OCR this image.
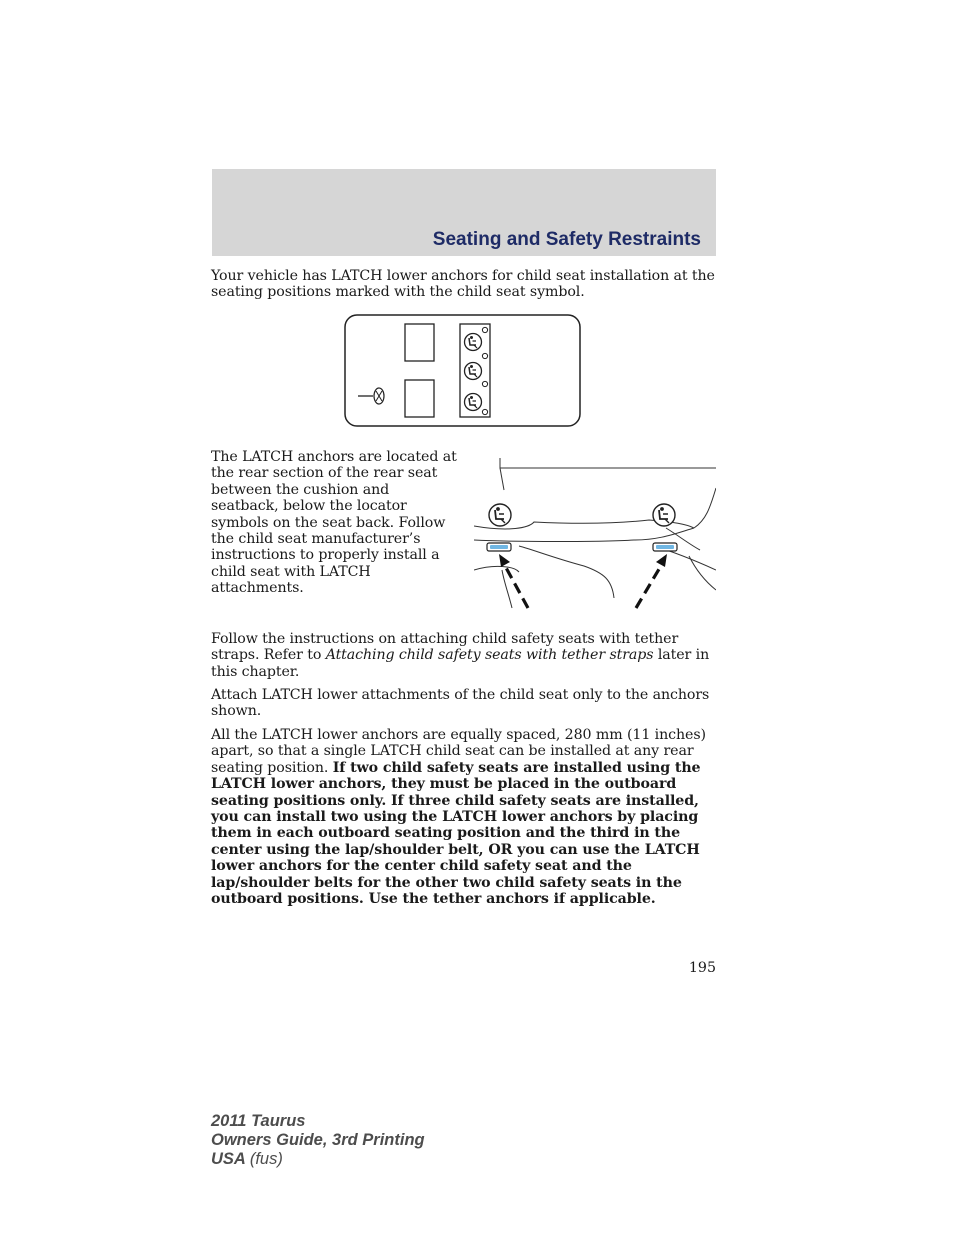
Seating and Safety Restraints

Your vehicle has LATCH lower anchors for child seat installation at the seating positions marked with the child seat symbol.

The LATCH anchors are located at the rear section of the rear seat between the cushion and seatback, below the locator symbols on the seat back. Follow the child seat manufacturer’s instructions to properly install a child seat with LATCH attachments.

Follow the instructions on attaching child safety seats with tether straps. Refer to Attaching child safety seats with tether straps later in this chapter.

Attach LATCH lower attachments of the child seat only to the anchors shown.

All the LATCH lower anchors are equally spaced, 280 mm (11 inches) apart, so that a single LATCH child seat can be installed at any rear seating position. If two child safety seats are installed using the LATCH lower anchors, they must be placed in the outboard seating positions only. If three child safety seats are installed, you can install two using the LATCH lower anchors by placing them in each outboard seating position and the third in the center using the lap/shoulder belt, OR you can use the LATCH lower anchors for the center child safety seat and the lap/shoulder belts for the other two child safety seats in the outboard positions. Use the tether anchors if applicable.

195

2011 Taurus
Owners Guide, 3rd Printing
USA (fus)
